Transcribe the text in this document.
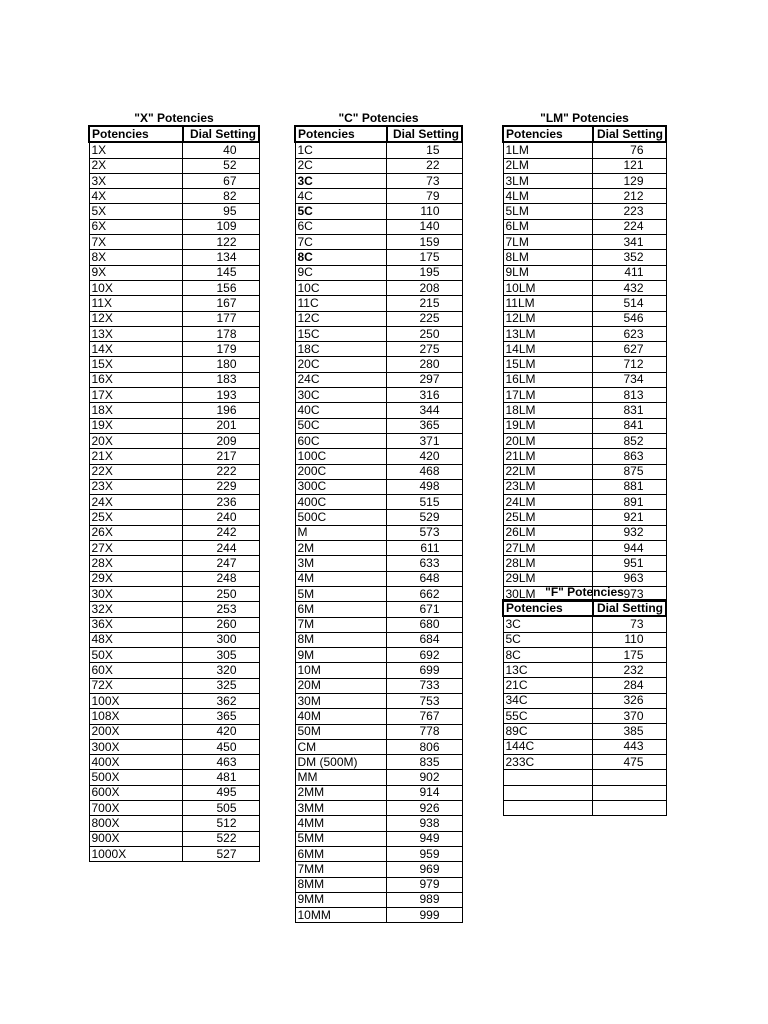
"X" Potencies
Potencies	Dial Setting
1X	40
2X	52
3X	67
4X	82
5X	95
6X	109
7X	122
8X	134
9X	145
10X	156
11X	167
12X	177
13X	178
14X	179
15X	180
16X	183
17X	193
18X	196
19X	201
20X	209
21X	217
22X	222
23X	229
24X	236
25X	240
26X	242
27X	244
28X	247
29X	248
30X	250
32X	253
36X	260
48X	300
50X	305
60X	320
72X	325
100X	362
108X	365
200X	420
300X	450
400X	463
500X	481
600X	495
700X	505
800X	512
900X	522
1000X	527
"C" Potencies
Potencies	Dial Setting
1C	15
2C	22
3C	73
4C	79
5C	110
6C	140
7C	159
8C	175
9C	195
10C	208
11C	215
12C	225
15C	250
18C	275
20C	280
24C	297
30C	316
40C	344
50C	365
60C	371
100C	420
200C	468
300C	498
400C	515
500C	529
M	573
2M	611
3M	633
4M	648
5M	662
6M	671
7M	680
8M	684
9M	692
10M	699
20M	733
30M	753
40M	767
50M	778
CM	806
DM (500M)	835
MM	902
2MM	914
3MM	926
4MM	938
5MM	949
6MM	959
7MM	969
8MM	979
9MM	989
10MM	999
"LM" Potencies
Potencies	Dial Setting
1LM	76
2LM	121
3LM	129
4LM	212
5LM	223
6LM	224
7LM	341
8LM	352
9LM	411
10LM	432
11LM	514
12LM	546
13LM	623
14LM	627
15LM	712
16LM	734
17LM	813
18LM	831
19LM	841
20LM	852
21LM	863
22LM	875
23LM	881
24LM	891
25LM	921
26LM	932
27LM	944
28LM	951
29LM	963
30LM	973
"F" Potencies
Potencies	Dial Setting
3C	73
5C	110
8C	175
13C	232
21C	284
34C	326
55C	370
89C	385
144C	443
233C	475
